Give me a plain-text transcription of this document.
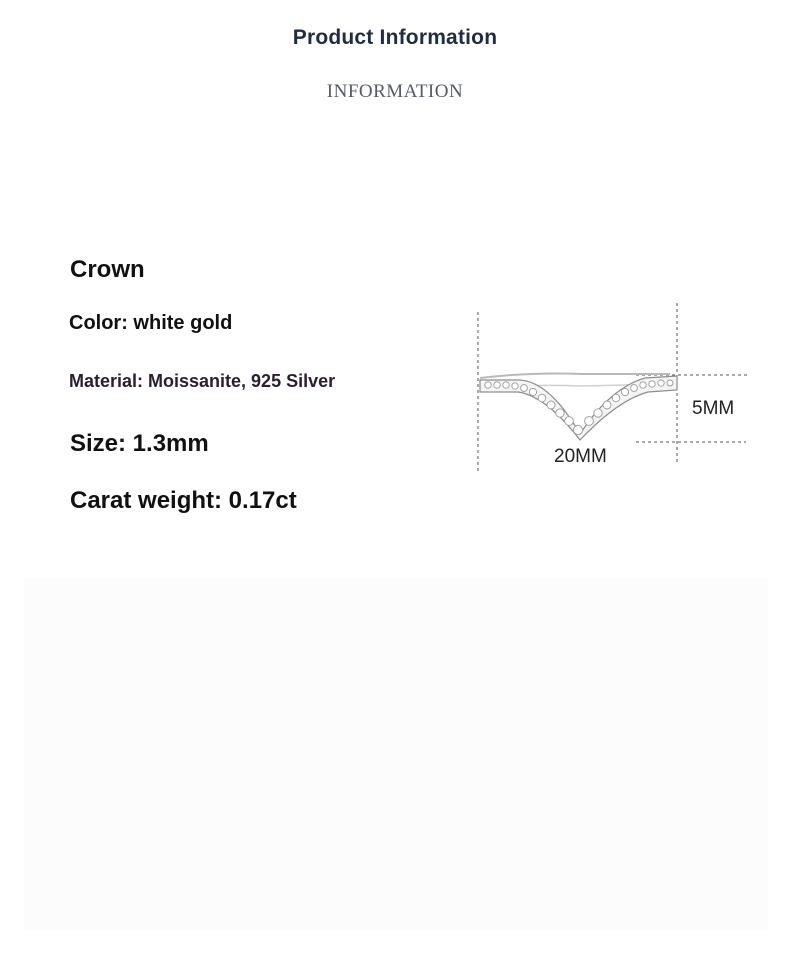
Product Information
INFORMATION
Crown
Color: white gold
Material: Moissanite, 925 Silver
Size: 1.3mm
Carat weight: 0.17ct
20MM
5MM
